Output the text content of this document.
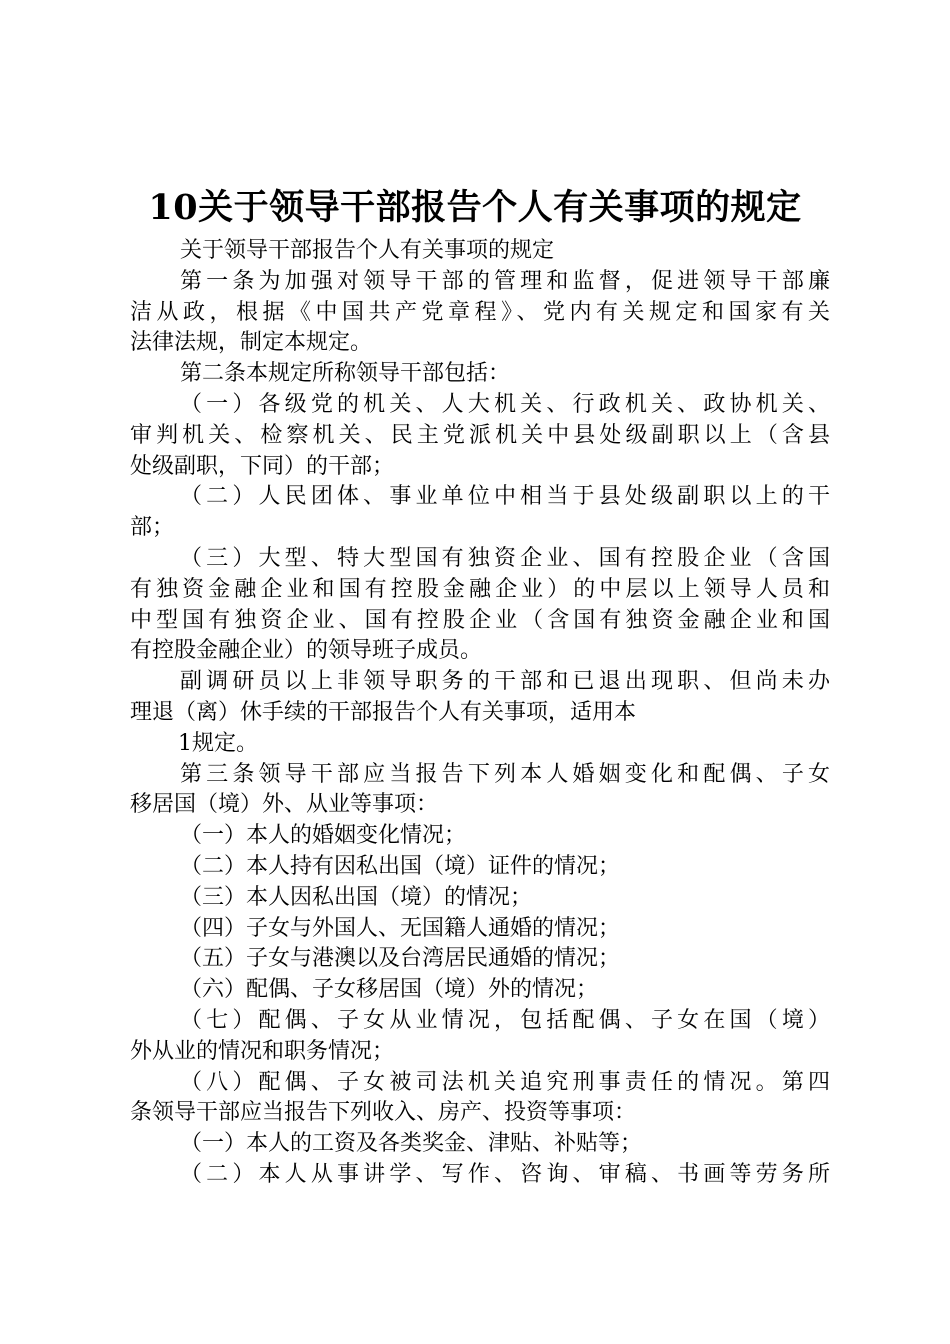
10关于领导干部报告个人有关事项的规定
关于领导干部报告个人有关事项的规定
第一条为加强对领导干部的管理和监督，促进领导干部廉
洁从政，根据《中国共产党章程》、党内有关规定和国家有关
法律法规，制定本规定。
第二条本规定所称领导干部包括：
（一）各级党的机关、人大机关、行政机关、政协机关、
审判机关、检察机关、民主党派机关中县处级副职以上（含县
处级副职，下同）的干部；
（二）人民团体、事业单位中相当于县处级副职以上的干
部；
（三）大型、特大型国有独资企业、国有控股企业（含国
有独资金融企业和国有控股金融企业）的中层以上领导人员和
中型国有独资企业、国有控股企业（含国有独资金融企业和国
有控股金融企业）的领导班子成员。
副调研员以上非领导职务的干部和已退出现职、但尚未办
理退（离）休手续的干部报告个人有关事项，适用本
1规定。
第三条领导干部应当报告下列本人婚姻变化和配偶、子女
移居国（境）外、从业等事项：
（一）本人的婚姻变化情况；
（二）本人持有因私出国（境）证件的情况；
（三）本人因私出国（境）的情况；
（四）子女与外国人、无国籍人通婚的情况；
（五）子女与港澳以及台湾居民通婚的情况；
（六）配偶、子女移居国（境）外的情况；
（七）配偶、子女从业情况，包括配偶、子女在国（境）
外从业的情况和职务情况；
（八）配偶、子女被司法机关追究刑事责任的情况。第四
条领导干部应当报告下列收入、房产、投资等事项：
（一）本人的工资及各类奖金、津贴、补贴等；
（二）本人从事讲学、写作、咨询、审稿、书画等劳务所
